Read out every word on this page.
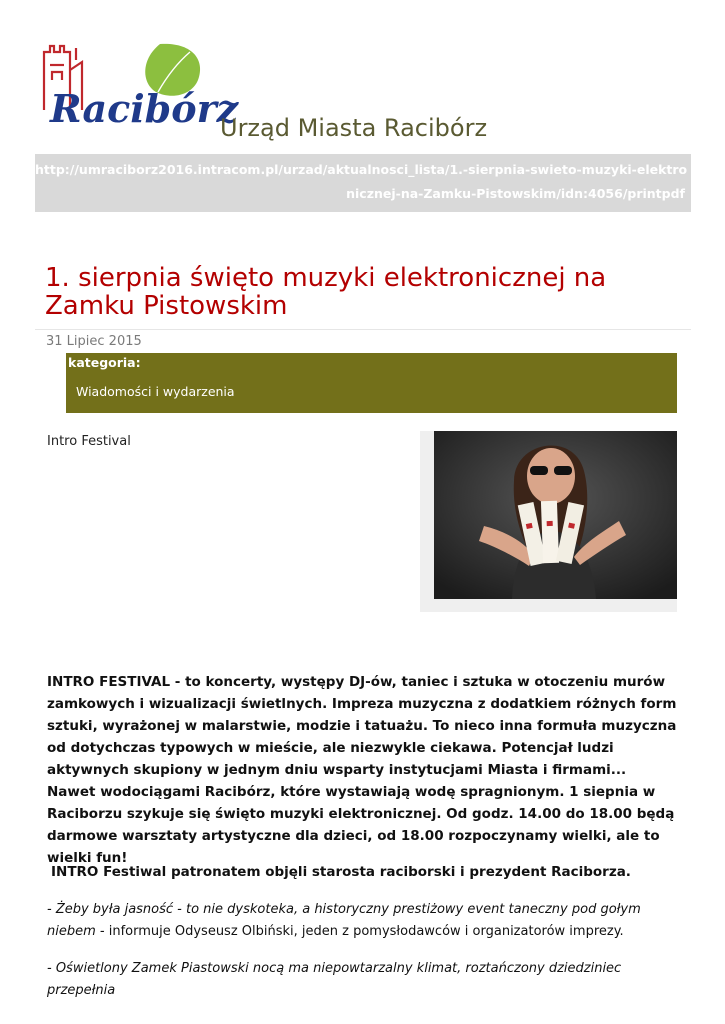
Racibórz
Urząd Miasta Racibórz
http://umraciborz2016.intracom.pl/urzad/aktualnosci_lista/1.-sierpnia-swieto-muzyki-elektro
nicznej-na-Zamku-Pistowskim/idn:4056/printpdf
1. sierpnia święto muzyki elektronicznej na Zamku Pistowskim
31 Lipiec 2015
kategoria:
Wiadomości i wydarzenia
Intro Festival

INTRO FESTIVAL - to koncerty, występy DJ-ów, taniec i sztuka w otoczeniu murów zamkowych i wizualizacji świetlnych. Impreza muzyczna z dodatkiem różnych form sztuki, wyrażonej w malarstwie, modzie i tatuażu. To nieco inna formuła muzyczna od dotychczas typowych w mieście, ale niezwykle ciekawa. Potencjał ludzi aktywnych skupiony w jednym dniu wsparty instytucjami Miasta i firmami... Nawet wodociągami Racibórz, które wystawiają wodę spragnionym. 1 siepnia w Raciborzu szykuje się święto muzyki elektronicznej. Od godz. 14.00 do 18.00 będą darmowe warsztaty artystyczne dla dzieci, od 18.00 rozpoczynamy wielki, ale to wielki fun!

INTRO Festiwal patronatem objęli starosta raciborski i prezydent Raciborza.

- Żeby była jasność - to nie dyskoteka, a historyczny prestiżowy event taneczny pod gołym niebem - informuje Odyseusz Olbiński, jeden z pomysłodawców i organizatorów imprezy.

- Oświetlony Zamek Piastowski nocą ma niepowtarzalny klimat, roztańczony dziedziniec przepełnia
